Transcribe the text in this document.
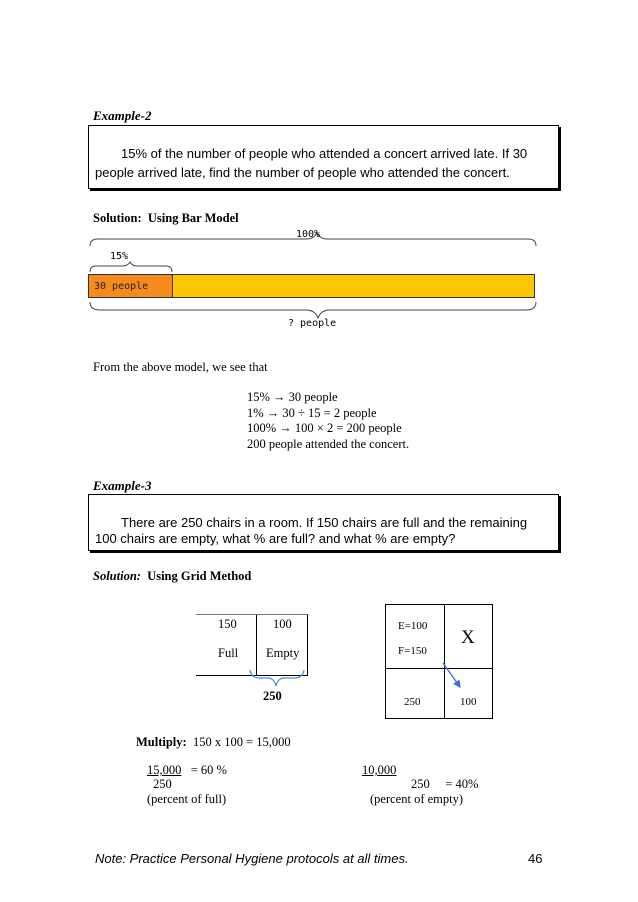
Example-2
15% of the number of people who attended a concert arrived late. If 30
people arrived late, find the number of people who attended the concert.
Solution: Using Bar Model
100%
15%
30 people
? people
From the above model, we see that
15% → 30 people
1% → 30 ÷ 15 = 2 people
100% → 100 × 2 = 200 people
200 people attended the concert.
Example-3
There are 250 chairs in a room. If 150 chairs are full and the remaining
100 chairs are empty, what % are full? and what % are empty?
Solution: Using Grid Method
150	100
Full Empty
250
E=100
F=150
X
250	100
Multiply: 150 x 100 = 15,000
15,000 = 60 %
250
(percent of full)
10,000
250 = 40%
(percent of empty)
Note: Practice Personal Hygiene protocols at all times.	46
